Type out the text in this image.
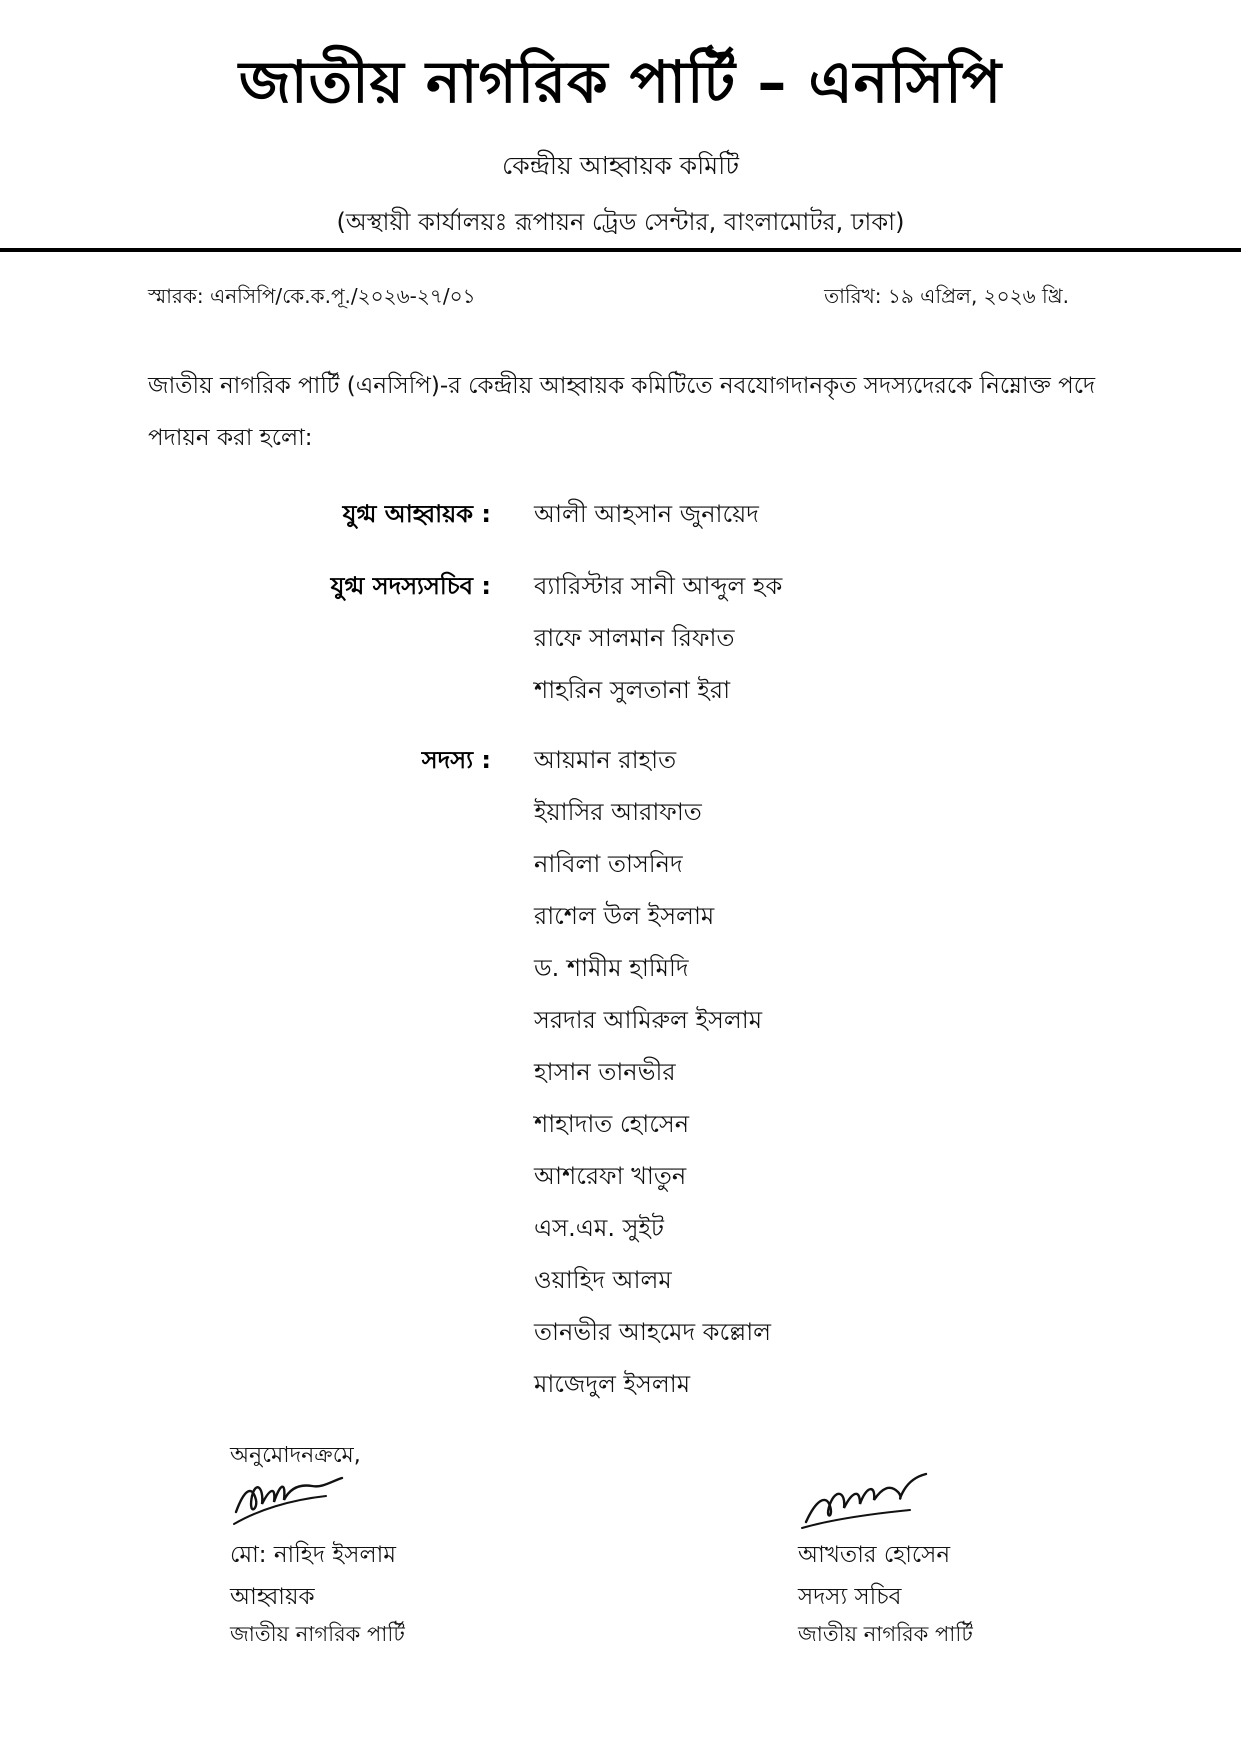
জাতীয় নাগরিক পার্টি – এনসিপি
কেন্দ্রীয় আহ্বায়ক কমিটি
(অস্থায়ী কার্যালয়ঃ রূপায়ন ট্রেড সেন্টার, বাংলামোটর, ঢাকা)
স্মারক: এনসিপি/কে.ক.পূ./২০২৬-২৭/০১	তারিখ: ১৯ এপ্রিল, ২০২৬ খ্রি.
জাতীয় নাগরিক পার্টি (এনসিপি)-র কেন্দ্রীয় আহ্বায়ক কমিটিতে নবযোগদানকৃত সদস্যদেরকে নিম্নোক্ত পদে পদায়ন করা হলো:
যুগ্ম আহ্বায়ক : আলী আহসান জুনায়েদ
যুগ্ম সদস্যসচিব : ব্যারিস্টার সানী আব্দুল হক
রাফে সালমান রিফাত
শাহরিন সুলতানা ইরা
সদস্য : আয়মান রাহাত
ইয়াসির আরাফাত
নাবিলা তাসনিদ
রাশেল উল ইসলাম
ড. শামীম হামিদি
সরদার আমিরুল ইসলাম
হাসান তানভীর
শাহাদাত হোসেন
আশরেফা খাতুন
এস.এম. সুইট
ওয়াহিদ আলম
তানভীর আহমেদ কল্লোল
মাজেদুল ইসলাম
অনুমোদনক্রমে,
মো: নাহিদ ইসলাম
আহ্বায়ক
জাতীয় নাগরিক পার্টি
আখতার হোসেন
সদস্য সচিব
জাতীয় নাগরিক পার্টি
